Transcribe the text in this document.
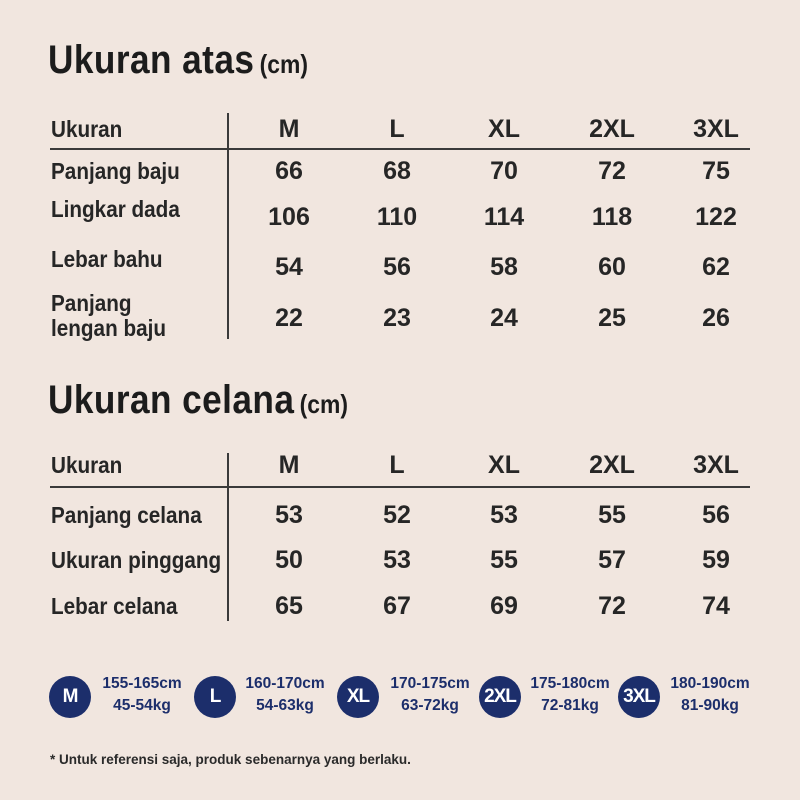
Ukuran atas (cm)
Ukuran	M	L	XL	2XL	3XL
Panjang baju	66	68	70	72	75
Lingkar dada	106	110	114	118	122
Lebar bahu	54	56	58	60	62
Panjang
lengan baju	22	23	24	25	26
Ukuran celana (cm)
Ukuran	M	L	XL	2XL	3XL
Panjang celana	53	52	53	55	56
Ukuran pinggang	50	53	55	57	59
Lebar celana	65	67	69	72	74
M
155-165cm
45-54kg	L
160-170cm
54-63kg	XL
170-175cm
63-72kg	2XL
175-180cm
72-81kg	3XL
180-190cm
81-90kg
* Untuk referensi saja, produk sebenarnya yang berlaku.
